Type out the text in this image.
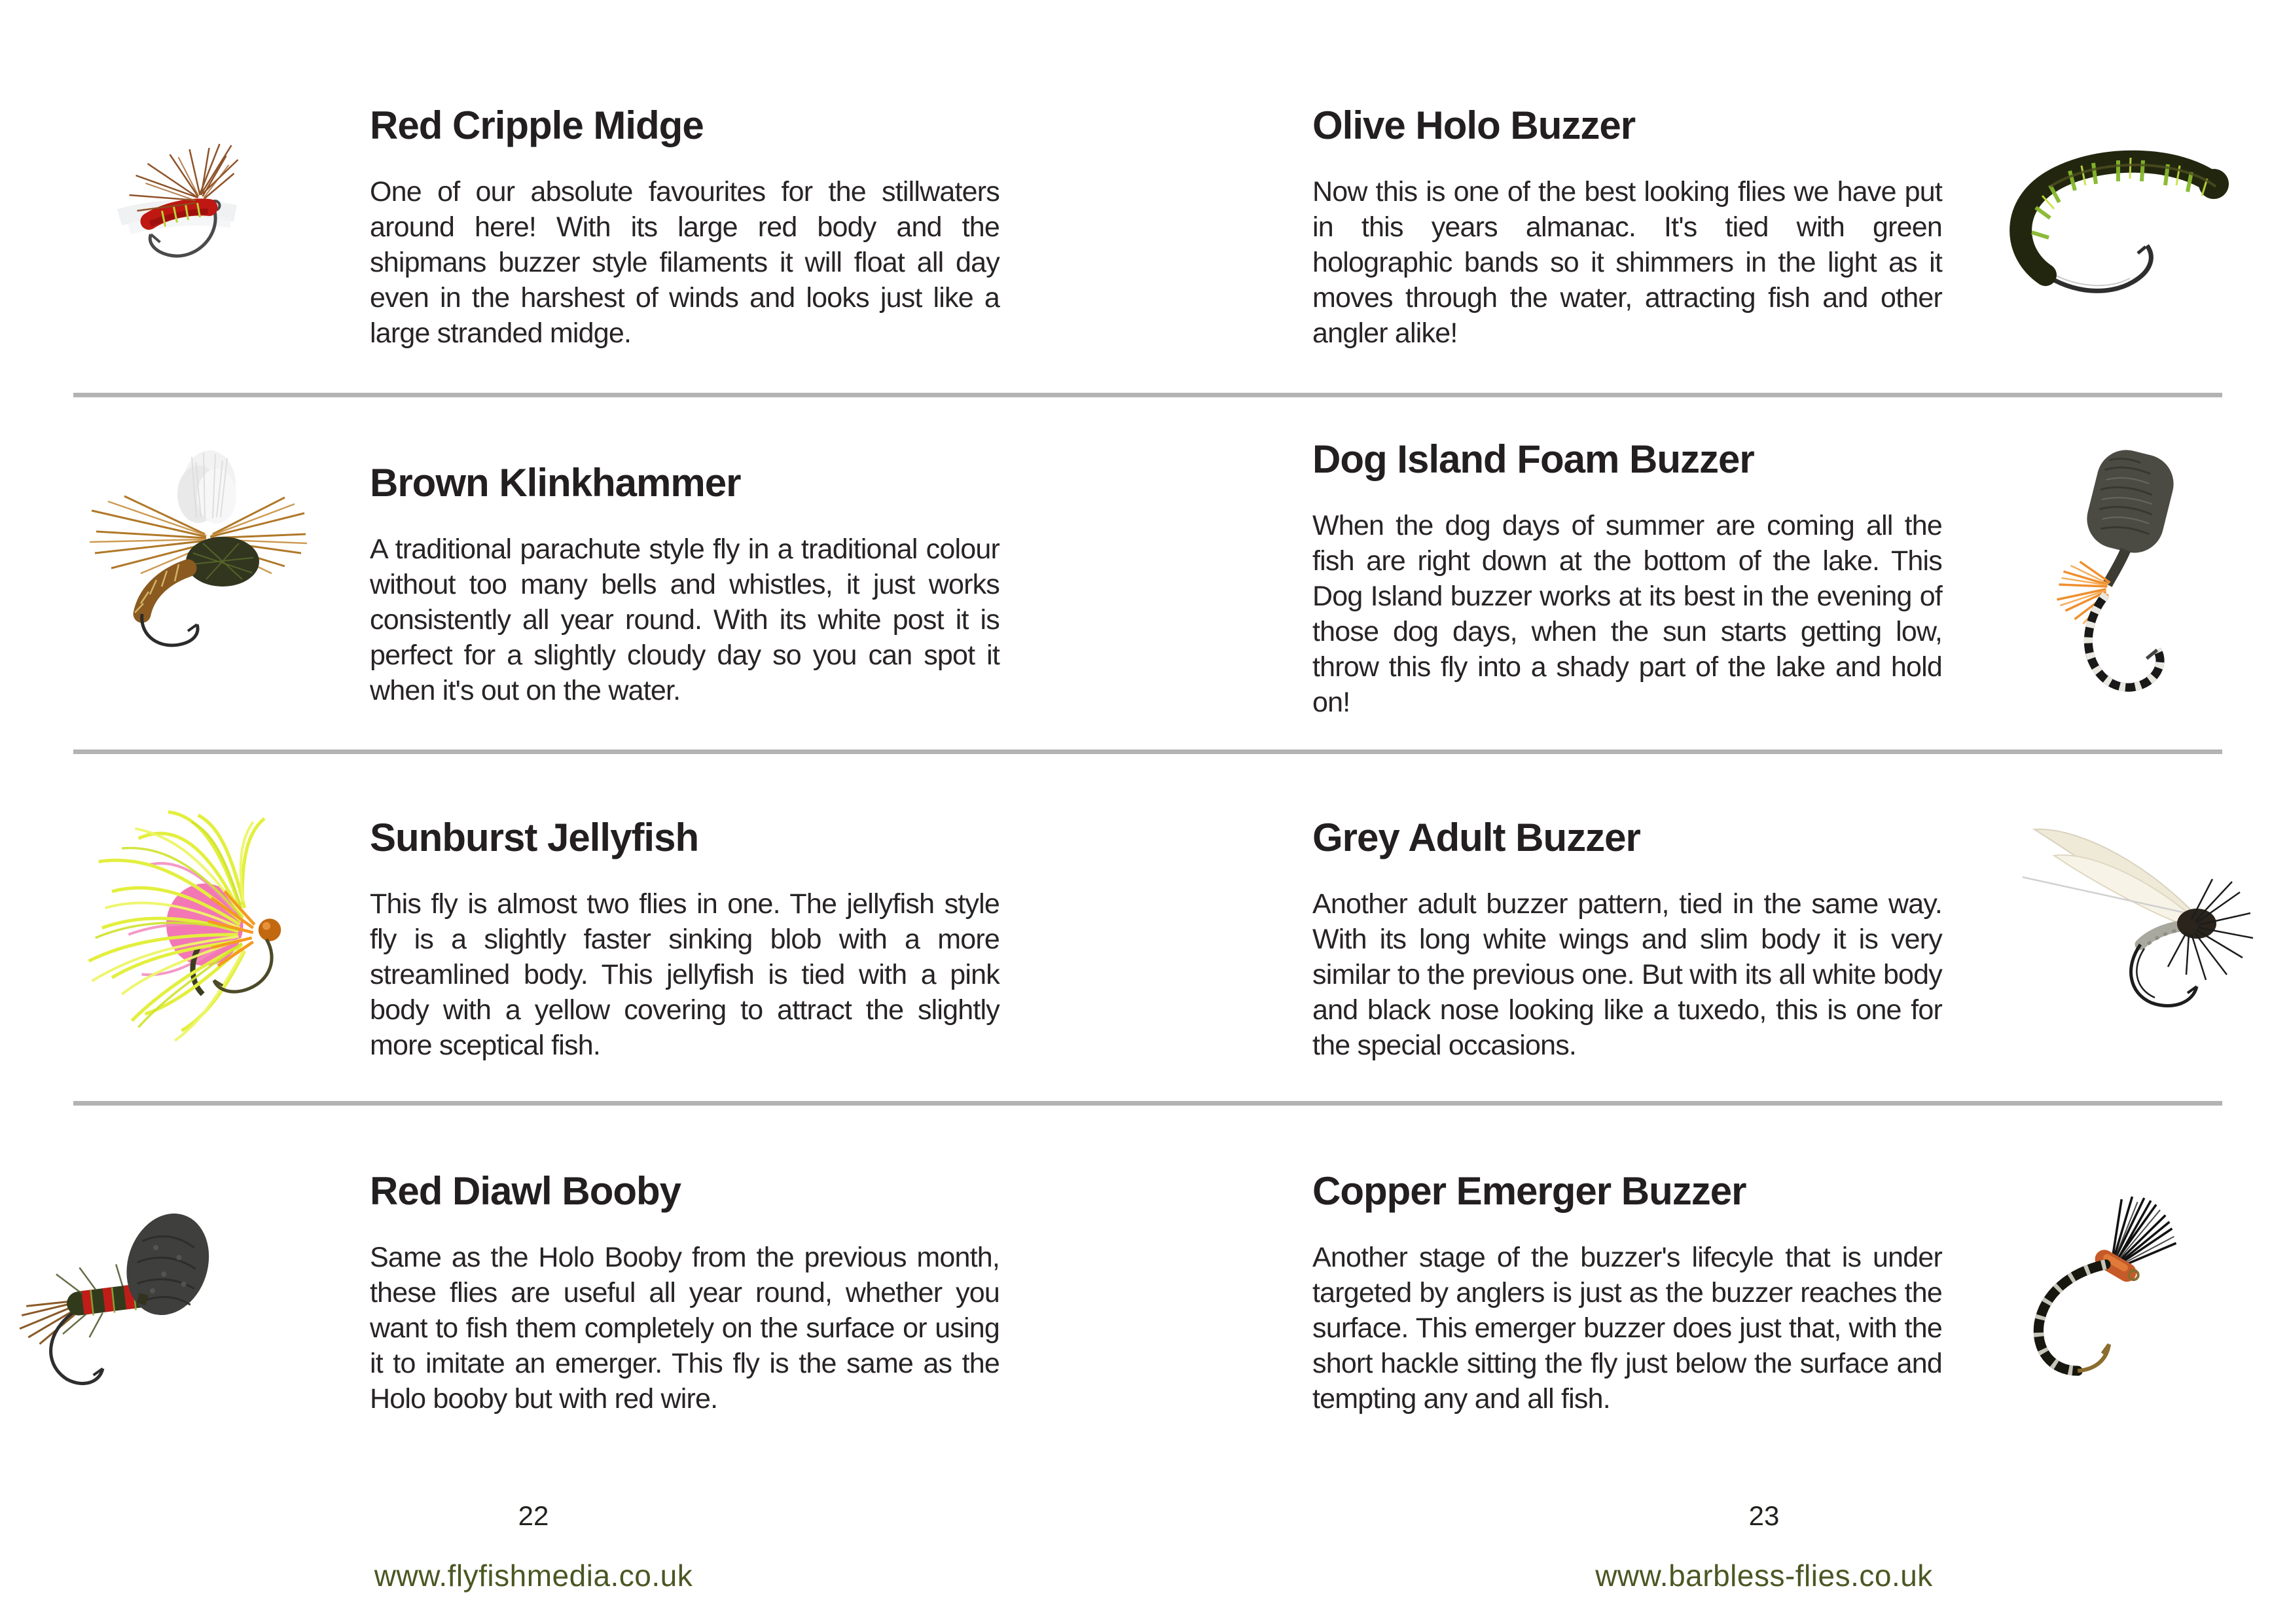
Red Cripple Midge

One of our absolute favourites for the stillwaters around here! With its large red body and the shipmans buzzer style filaments it will float all day even in the harshest of winds and looks just like a large stranded midge.

Olive Holo Buzzer

Now this is one of the best looking flies we have put in this years almanac. It's tied with green holographic bands so it shimmers in the light as it moves through the water, attracting fish and other angler alike!

Brown Klinkhammer

A traditional parachute style fly in a traditional colour without too many bells and whistles, it just works consistently all year round. With its white post it is perfect for a slightly cloudy day so you can spot it when it's out on the water.

Dog Island Foam Buzzer

When the dog days of summer are coming all the fish are right down at the bottom of the lake. This Dog Island buzzer works at its best in the evening of those dog days, when the sun starts getting low, throw this fly into a shady part of the lake and hold on!

Sunburst Jellyfish

This fly is almost two flies in one. The jellyfish style fly is a slightly faster sinking blob with a more streamlined body. This jellyfish is tied with a pink body with a yellow covering to attract the slightly more sceptical fish.

Grey Adult Buzzer

Another adult buzzer pattern, tied in the same way. With its long white wings and slim body it is very similar to the previous one. But with its all white body and black nose looking like a tuxedo, this is one for the special occasions.

Red Diawl Booby

Same as the Holo Booby from the previous month, these flies are useful all year round, whether you want to fish them completely on the surface or using it to imitate an emerger. This fly is the same as the Holo booby but with red wire.

Copper Emerger Buzzer

Another stage of the buzzer's lifecyle that is under targeted by anglers is just as the buzzer reaches the surface. This emerger buzzer does just that, with the short hackle sitting the fly just below the surface and tempting any and all fish.

22
www.flyfishmedia.co.uk
23
www.barbless-flies.co.uk
